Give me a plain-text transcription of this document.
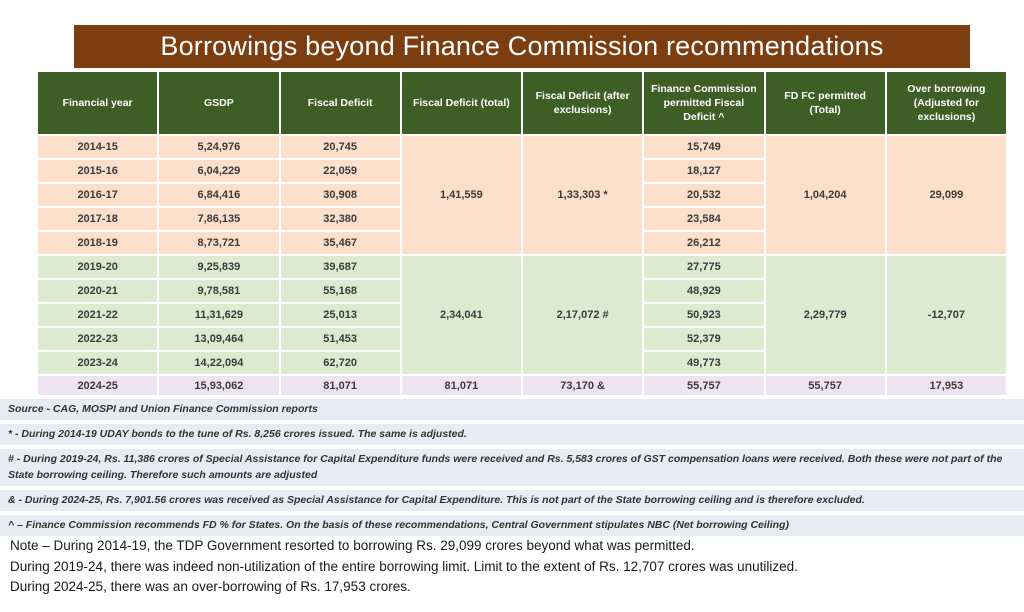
Borrowings beyond Finance Commission recommendations
Financial year	GSDP	Fiscal Deficit	Fiscal Deficit (total)	Fiscal Deficit (after exclusions)	Finance Commission permitted Fiscal Deficit ^	FD FC permitted (Total)	Over borrowing (Adjusted for exclusions)
2014-15	5,24,976	20,745	1,41,559	1,33,303 *	15,749	1,04,204	29,099
2015-16	6,04,229	22,059			18,127		
2016-17	6,84,416	30,908			20,532		
2017-18	7,86,135	32,380			23,584		
2018-19	8,73,721	35,467			26,212		
2019-20	9,25,839	39,687	2,34,041	2,17,072 #	27,775	2,29,779	-12,707
2020-21	9,78,581	55,168			48,929		
2021-22	11,31,629	25,013			50,923		
2022-23	13,09,464	51,453			52,379		
2023-24	14,22,094	62,720			49,773		
2024-25	15,93,062	81,071	81,071	73,170 &	55,757	55,757	17,953
Source - CAG, MOSPI and Union Finance Commission reports
* - During 2014-19 UDAY bonds to the tune of Rs. 8,256 crores issued. The same is adjusted.
# - During 2019-24, Rs. 11,386 crores of Special Assistance for Capital Expenditure funds were received and Rs. 5,583 crores of GST compensation loans were received. Both these were not part of the State borrowing ceiling. Therefore such amounts are adjusted
& - During 2024-25, Rs. 7,901.56 crores was received as Special Assistance for Capital Expenditure. This is not part of the State borrowing ceiling and is therefore excluded.
^ – Finance Commission recommends FD % for States. On the basis of these recommendations, Central Government stipulates NBC (Net borrowing Ceiling)
Note – During 2014-19, the TDP Government resorted to borrowing Rs. 29,099 crores beyond what was permitted.
During 2019-24, there was indeed non-utilization of the entire borrowing limit. Limit to the extent of Rs. 12,707 crores was unutilized.
During 2024-25, there was an over-borrowing of Rs. 17,953 crores.
